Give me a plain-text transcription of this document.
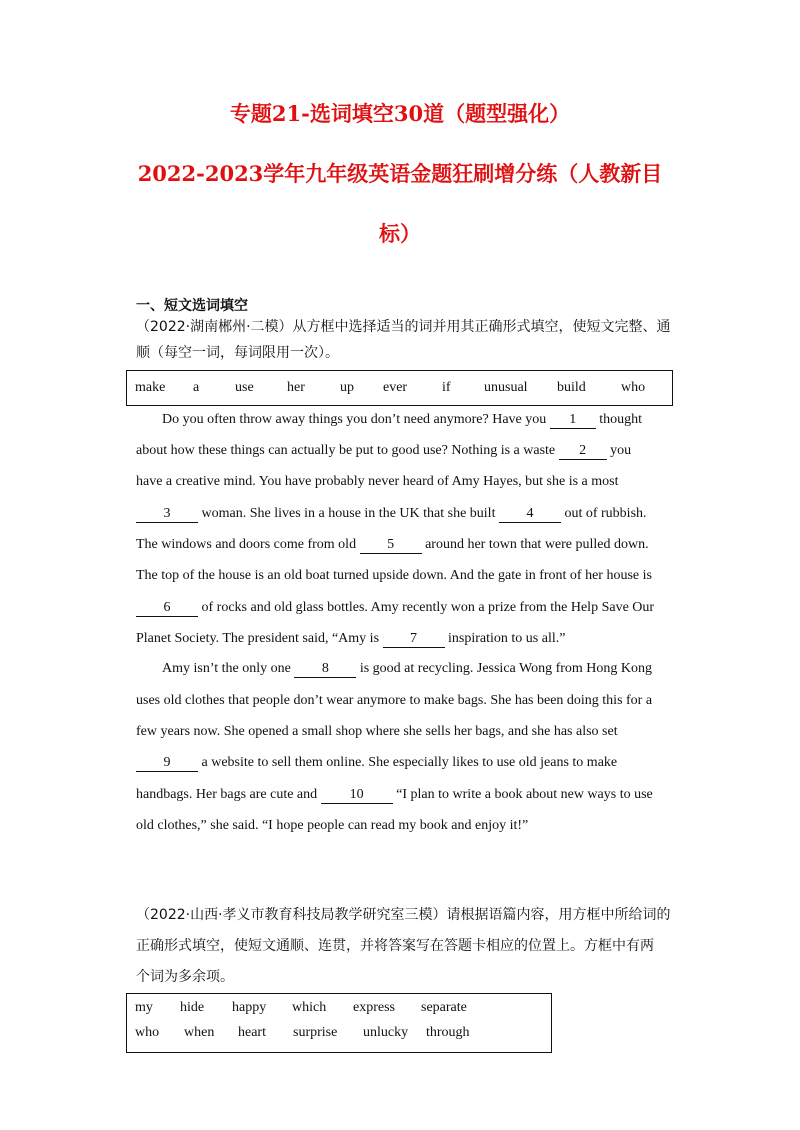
专题21-选词填空30道（题型强化）
2022-2023学年九年级英语金题狂刷增分练（人教新目
标）
一、短文选词填空
（2022·湖南郴州·二模）从方框中选择适当的词并用其正确形式填空，使短文完整、通
顺（每空一词，每词限用一次）。
make a	use her	up ever if unusual build	who
Do you often throw away things you don’t need anymore? Have you 1 thought
about how these things can actually be put to good use? Nothing is a waste 2 you
have a creative mind. You have probably never heard of Amy Hayes, but she is a most
3 woman. She lives in a house in the UK that she built 4 out of rubbish.
The windows and doors come from old 5 around her town that were pulled down.
The top of the house is an old boat turned upside down. And the gate in front of her house is
6 of rocks and old glass bottles. Amy recently won a prize from the Help Save Our
Planet Society. The president said, “Amy is 7 inspiration to us all.”
Amy isn’t the only one 8 is good at recycling. Jessica Wong from Hong Kong
uses old clothes that people don’t wear anymore to make bags. She has been doing this for a
few years now. She opened a small shop where she sells her bags, and she has also set
9 a website to sell them online. She especially likes to use old jeans to make
handbags. Her bags are cute and 10 “I plan to write a book about new ways to use
old clothes,” she said. “I hope people can read my book and enjoy it!”
（2022·山西·孝义市教育科技局教学研究室三模）请根据语篇内容，用方框中所给词的
正确形式填空，使短文通顺、连贯，并将答案写在答题卡相应的位置上。方框中有两
个词为多余项。
my hide happy which express separate
who when heart surprise unlucky through
